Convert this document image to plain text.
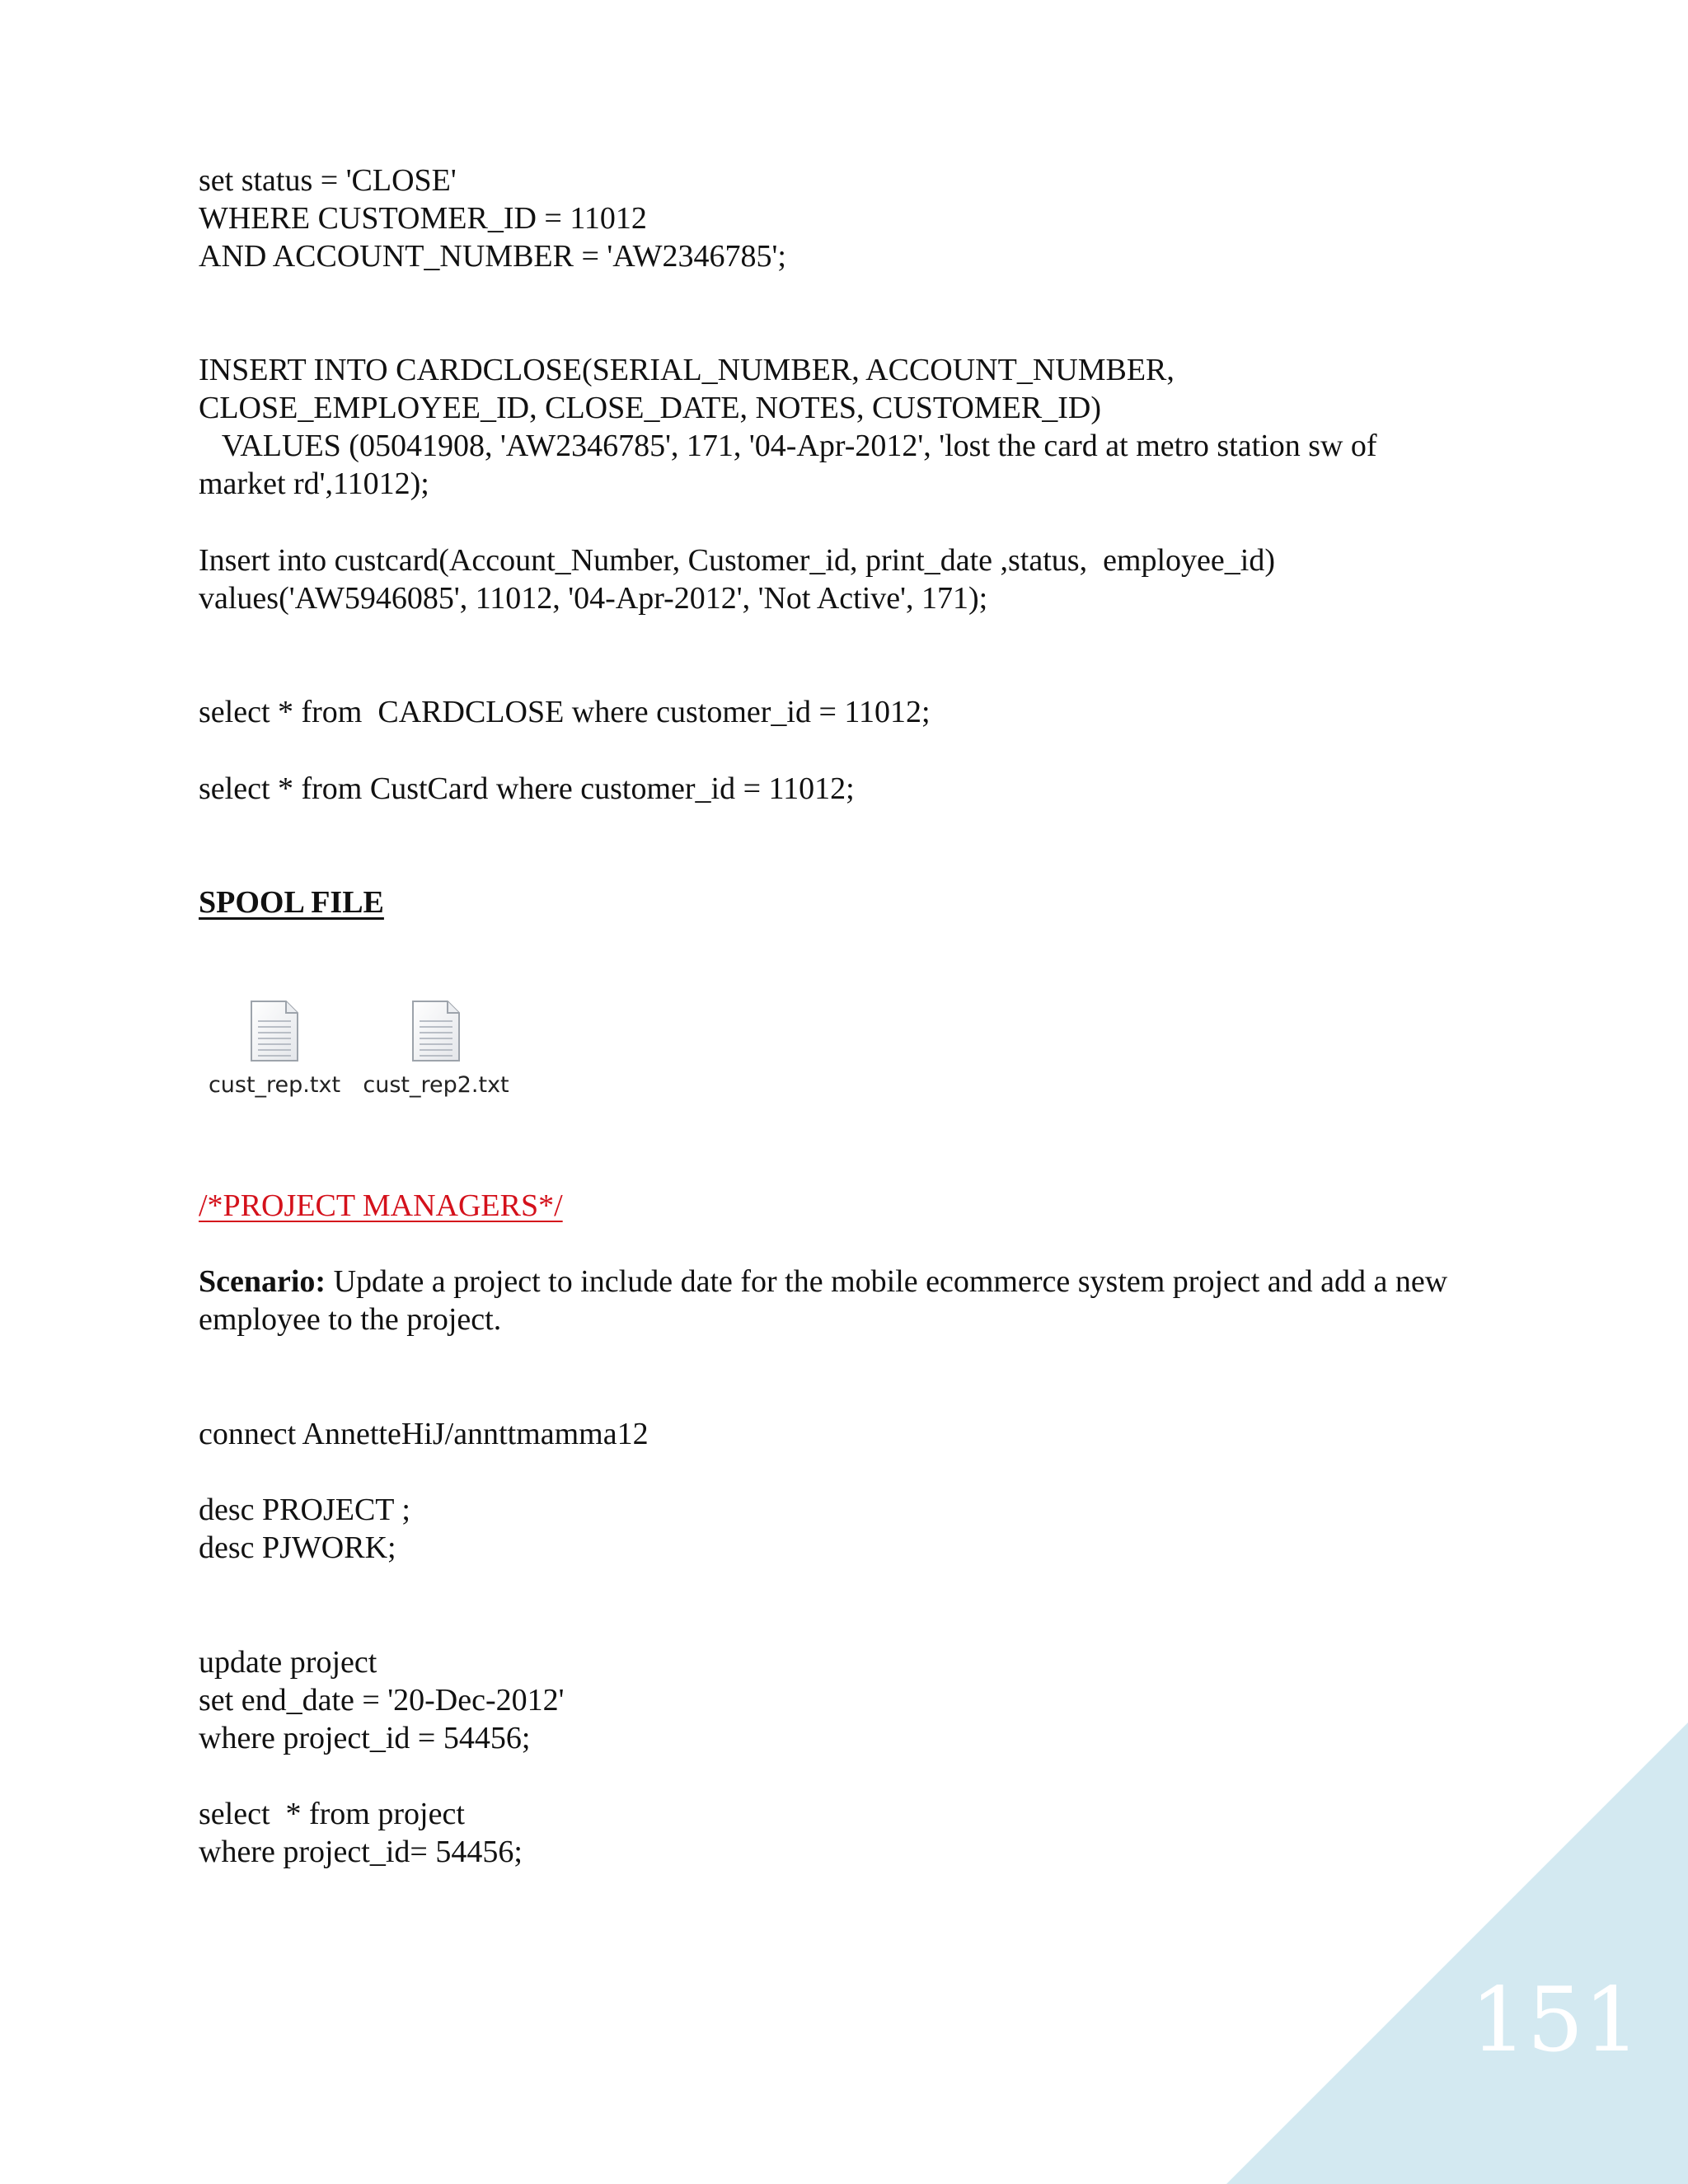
set status = 'CLOSE'

WHERE CUSTOMER_ID = 11012

AND ACCOUNT_NUMBER = 'AW2346785';

INSERT INTO CARDCLOSE(SERIAL_NUMBER, ACCOUNT_NUMBER,

CLOSE_EMPLOYEE_ID, CLOSE_DATE, NOTES, CUSTOMER_ID)

VALUES (05041908, 'AW2346785', 171, '04-Apr-2012', 'lost the card at metro station sw of

market rd',11012);

Insert into custcard(Account_Number, Customer_id, print_date ,status,  employee_id)

values('AW5946085', 11012, '04-Apr-2012', 'Not Active', 171);

select * from  CARDCLOSE where customer_id = 11012;

select * from CustCard where customer_id = 11012;

SPOOL FILE

cust_rep.txt	cust_rep2.txt

/*PROJECT MANAGERS*/

Scenario: Update a project to include date for the mobile ecommerce system project and add a new

employee to the project.

connect AnnetteHiJ/annttmamma12

desc PROJECT ;

desc PJWORK;

update project

set end_date = '20-Dec-2012'

where project_id = 54456;

select  * from project

where project_id= 54456;

151
